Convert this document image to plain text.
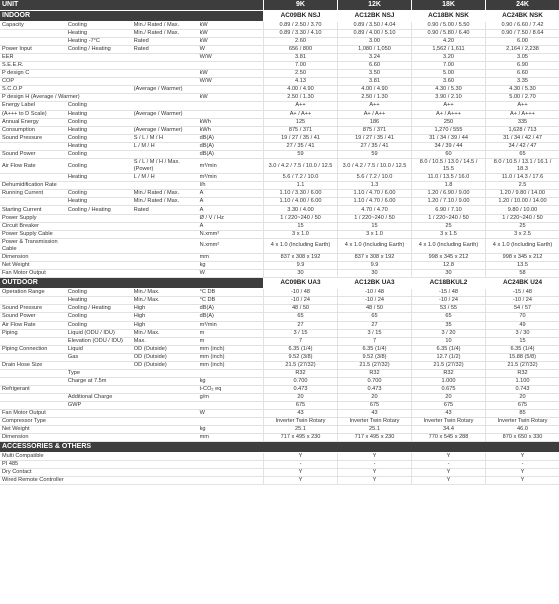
UNIT				9K	12K	18K	24K
INDOOR				AC09BK NSJ	AC12BK NSJ	AC18BK NSK	AC24BK NSK
Capacity	Cooling	Min./ Rated / Max.	kW	0.89 / 2.50 / 3.70	0.89 / 3.50 / 4.04	0.90 / 5.00 / 5.50	0.90 / 6.60 / 7.42
	Heating	Min./ Rated / Max.	kW	0.89 / 3.30 / 4.10	0.89 / 4.00 / 5.10	0.90 / 5.80 / 6.40	0.90 / 7.50 / 8.64
	Heating -7°C	Rated	kW	2.60	3.00	4.20	6.00
Power Input	Cooling / Heating	Rated	W	656 / 800	1,080 / 1,050	1,562 / 1,611	2,164 / 2,238
EER			W/W	3.81	3.24	3.20	3.05
S.E.E.R.				7.00	6.60	7.00	6.90
P design C			kW	2.50	3.50	5.00	6.60
COP			W/W	4.13	3.81	3.60	3.35
S.C.O.P		(Average / Warmer)		4.00 / 4.90	4.00 / 4.90	4.30 / 5.30	4.30 / 5.30
P design H (Average / Warmer)			kW	2.50 / 1.30	2.50 / 1.30	3.90 / 2.10	5.00 / 2.70
Energy Label	Cooling			A++	A++	A++	A++
(A+++ to D Scale)	Heating	(Average / Warmer)		A+ / A++	A+ / A++	A+ / A+++	A+ / A+++
Annual Energy	Cooling		kWh	125	186	250	335
Consumption	Heating	(Average / Warmer)	kWh	875 / 371	875 / 371	1,270 / 555	1,628 / 713
Sound Pressure	Cooling	S / L / M / H	dB(A)	19 / 27 / 35 / 41	19 / 27 / 35 / 41	31 / 34 / 39 / 44	31 / 34 / 42 / 47
	Heating	L / M / H	dB(A)	27 / 35 / 41	27 / 35 / 41	34 / 39 / 44	34 / 42 / 47
Sound Power	Cooling		dB(A)	59	59	60	65
Air Flow Rate	Cooling	S / L / M / H / Max. (Power)	m³/min	3.0 / 4.2 / 7.5 / 10.0 / 12.5	3.0 / 4.2 / 7.5 / 10.0 / 12.5	8.0 / 10.5 / 13.0 / 14.5 / 15.5	8.0 / 10.5 / 13.1 / 16.1 / 18.3
	Heating	L / M / H	m³/min	5.6 / 7.2 / 10.0	5.6 / 7.2 / 10.0	11.0 / 13.5 / 16.0	11.0 / 14.3 / 17.6
Dehumidification Rate			l/h	1.1	1.3	1.8	2.5
Running Current	Cooling	Min./ Rated / Max.	A	1.10 / 3.30 / 6.00	1.10 / 4.70 / 6.00	1.20 / 6.90 / 9.00	1.20 / 9.80 / 14.00
	Heating	Min./ Rated / Max.	A	1.10 / 4.00 / 6.00	1.10 / 4.70 / 6.00	1.20 / 7.10 / 9.00	1.20 / 10.00 / 14.00
Starting Current	Cooling / Heating	Rated	A	3.30 / 4.00	4.70 / 4.70	6.90 / 7.10	9.80 / 10.00
Power Supply			Ø / V / Hz	1 / 220~240 / 50	1 / 220~240 / 50	1 / 220~240 / 50	1 / 220~240 / 50
Circuit Breaker			A	15	15	25	25
Power Supply Cable			N.xmm²	3 x 1.0	3 x 1.0	3 x 1.5	3 x 2.5
Power & Transmission Cable			N.xmm²	4 x 1.0 (Including Earth)	4 x 1.0 (Including Earth)	4 x 1.0 (Including Earth)	4 x 1.0 (Including Earth)
Dimension			mm	837 x 308 x 192	837 x 308 x 192	998 x 345 x 212	998 x 345 x 212
Net Weight			kg	9.9	9.9	12.8	13.5
Fan Motor Output			W	30	30	30	58
OUTDOOR				AC09BK UA3	AC12BK UA3	AC18BKUL2	AC24BK U24
Operation Range	Cooling	Min./ Max.	°C DB	-10 / 48	-10 / 48	-15 / 48	-15 / 48
	Heating	Min./ Max.	°C DB	-10 / 24	-10 / 24	-10 / 24	-10 / 24
Sound Pressure	Cooling / Heating	High	dB(A)	48 / 50	48 / 50	53 / 55	54 / 57
Sound Power	Cooling	High	dB(A)	65	65	65	70
Air Flow Rate	Cooling	High	m³/min	27	27	35	49
Piping	Liquid (ODU / IDU)	Min./ Max.	m	3 / 15	3 / 15	3 / 20	3 / 30
	Elevation (ODU / IDU)	Max.	m	7	7	10	15
Piping Connection	Liquid	OD (Outside)	mm (inch)	6.35 (1/4)	6.35 (1/4)	6.35 (1/4)	6.35 (1/4)
	Gas	OD (Outside)	mm (inch)	9.52 (3/8)	9.52 (3/8)	12.7 (1/2)	15.88 (5/8)
Drain Hose Size		OD (Outside)	mm (inch)	21.5 (27/32)	21.5 (27/32)	21.5 (27/32)	21.5 (27/32)
	Type			R32	R32	R32	R32
	Charge at 7.5m		kg	0.700	0.700	1.000	1.100
Refrigerant			t-CO₂ eq	0.473	0.473	0.675	0.743
	Additional Charge		g/m	20	20	20	20
	GWP			675	675	675	675
Fan Motor Output			W	43	43	43	85
Compressor Type				Inverter Twin Rotary	Inverter Twin Rotary	Inverter Twin Rotary	Inverter Twin Rotary
Net Weight			kg	25.1	25.1	34.4	46.0
Dimension			mm	717 x 495 x 230	717 x 495 x 230	770 x 545 x 288	870 x 650 x 330
ACCESSORIES & OTHERS							
Multi Compatible				Y	Y	Y	Y
PI 485				-	-	-	-
Dry Contact				Y	Y	Y	Y
Wired Remote Controller				Y	Y	Y	Y
